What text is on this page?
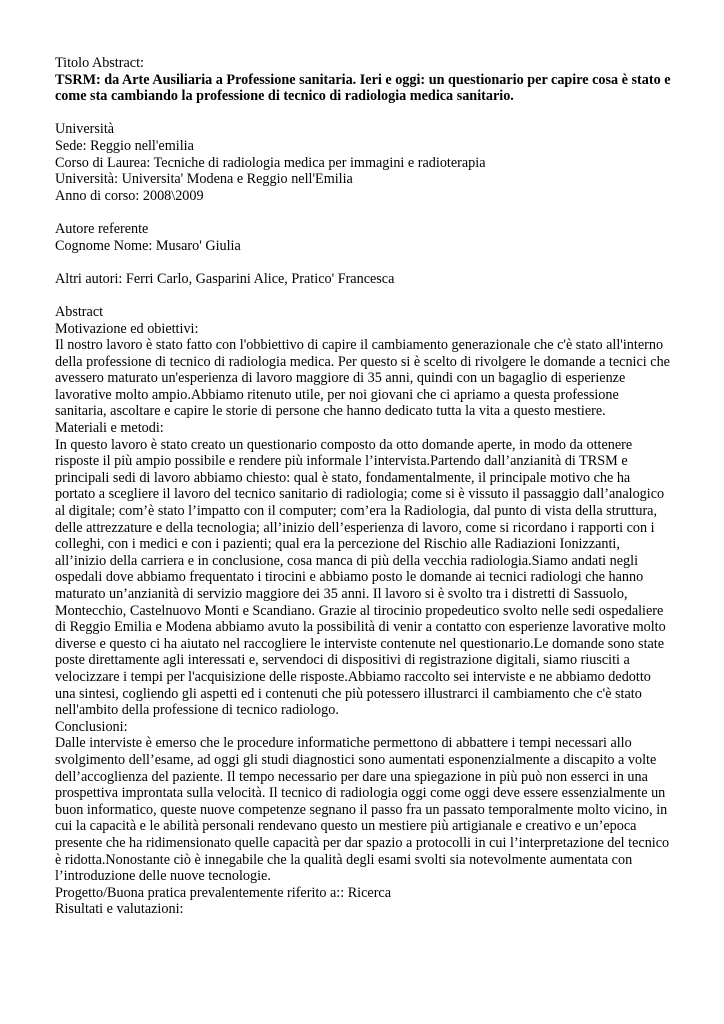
Titolo Abstract:

TSRM: da Arte Ausiliaria a Professione sanitaria. Ieri e oggi: un questionario per capire cosa è stato e come sta cambiando la professione di tecnico di radiologia medica sanitario.

Università
Sede: Reggio nell'emilia
Corso di Laurea: Tecniche di radiologia medica per immagini e radioterapia
Università: Universita' Modena e Reggio nell'Emilia
Anno di corso: 2008\2009
Autore referente
Cognome Nome: Musaro' Giulia
Altri autori: Ferri Carlo, Gasparini Alice, Pratico' Francesca
Abstract
Motivazione ed obiettivi:

Il nostro lavoro è stato fatto con l'obbiettivo di capire il cambiamento generazionale che c'è stato all'interno della professione di tecnico di radiologia medica. Per questo si è scelto di rivolgere le domande a tecnici che avessero maturato un'esperienza di lavoro maggiore di 35 anni, quindi con un bagaglio di esperienze lavorative molto ampio.Abbiamo ritenuto utile, per noi giovani che ci apriamo a questa professione sanitaria, ascoltare e capire le storie di persone che hanno dedicato tutta la vita a questo mestiere.

Materiali e metodi:

In questo lavoro è stato creato un questionario composto da otto domande aperte, in modo da ottenere risposte il più ampio possibile e rendere più informale l’intervista.Partendo dall’anzianità di TRSM e principali sedi di lavoro abbiamo chiesto: qual è stato, fondamentalmente, il principale motivo che ha portato a scegliere il lavoro del tecnico sanitario di radiologia; come si è vissuto il passaggio dall’analogico al digitale; com’è stato l’impatto con il computer; com’era la Radiologia, dal punto di vista della struttura, delle attrezzature e della tecnologia; all’inizio dell’esperienza di lavoro, come si ricordano i rapporti con i colleghi, con i medici e con i pazienti; qual era la percezione del Rischio alle Radiazioni Ionizzanti, all’inizio della carriera e in conclusione, cosa manca di più della vecchia radiologia.Siamo andati negli ospedali dove abbiamo frequentato i tirocini e abbiamo posto le domande ai tecnici radiologi che hanno maturato un’anzianità di servizio maggiore dei 35 anni. Il lavoro si è svolto tra i distretti di Sassuolo, Montecchio, Castelnuovo Monti e Scandiano. Grazie al tirocinio propedeutico svolto nelle sedi ospedaliere di Reggio Emilia e Modena abbiamo avuto la possibilità di venir a contatto con esperienze lavorative molto diverse e questo ci ha aiutato nel raccogliere le interviste contenute nel questionario.Le domande sono state poste direttamente agli interessati e, servendoci di dispositivi di registrazione digitali, siamo riusciti a velocizzare i tempi per l'acquisizione delle risposte.Abbiamo raccolto sei interviste e ne abbiamo dedotto una sintesi, cogliendo gli aspetti ed i contenuti che più potessero illustrarci il cambiamento che c'è stato nell'ambito della professione di tecnico radiologo.

Conclusioni:

Dalle interviste è emerso che le procedure informatiche permettono di abbattere i tempi necessari allo svolgimento dell’esame, ad oggi gli studi diagnostici sono aumentati esponenzialmente a discapito a volte dell’accoglienza del paziente. Il tempo necessario per dare una spiegazione in più può non esserci in una prospettiva improntata sulla velocità. Il tecnico di radiologia oggi come oggi deve essere essenzialmente un buon informatico, queste nuove competenze segnano il passo fra un passato temporalmente molto vicino, in cui la capacità e le abilità personali rendevano questo un mestiere più artigianale e creativo e un’epoca presente che ha ridimensionato quelle capacità per dar spazio a protocolli in cui l’interpretazione del tecnico è ridotta.Nonostante ciò è innegabile che la qualità degli esami svolti sia notevolmente aumentata con l’introduzione delle nuove tecnologie.

Progetto/Buona pratica prevalentemente riferito a:: Ricerca
Risultati e valutazioni:
